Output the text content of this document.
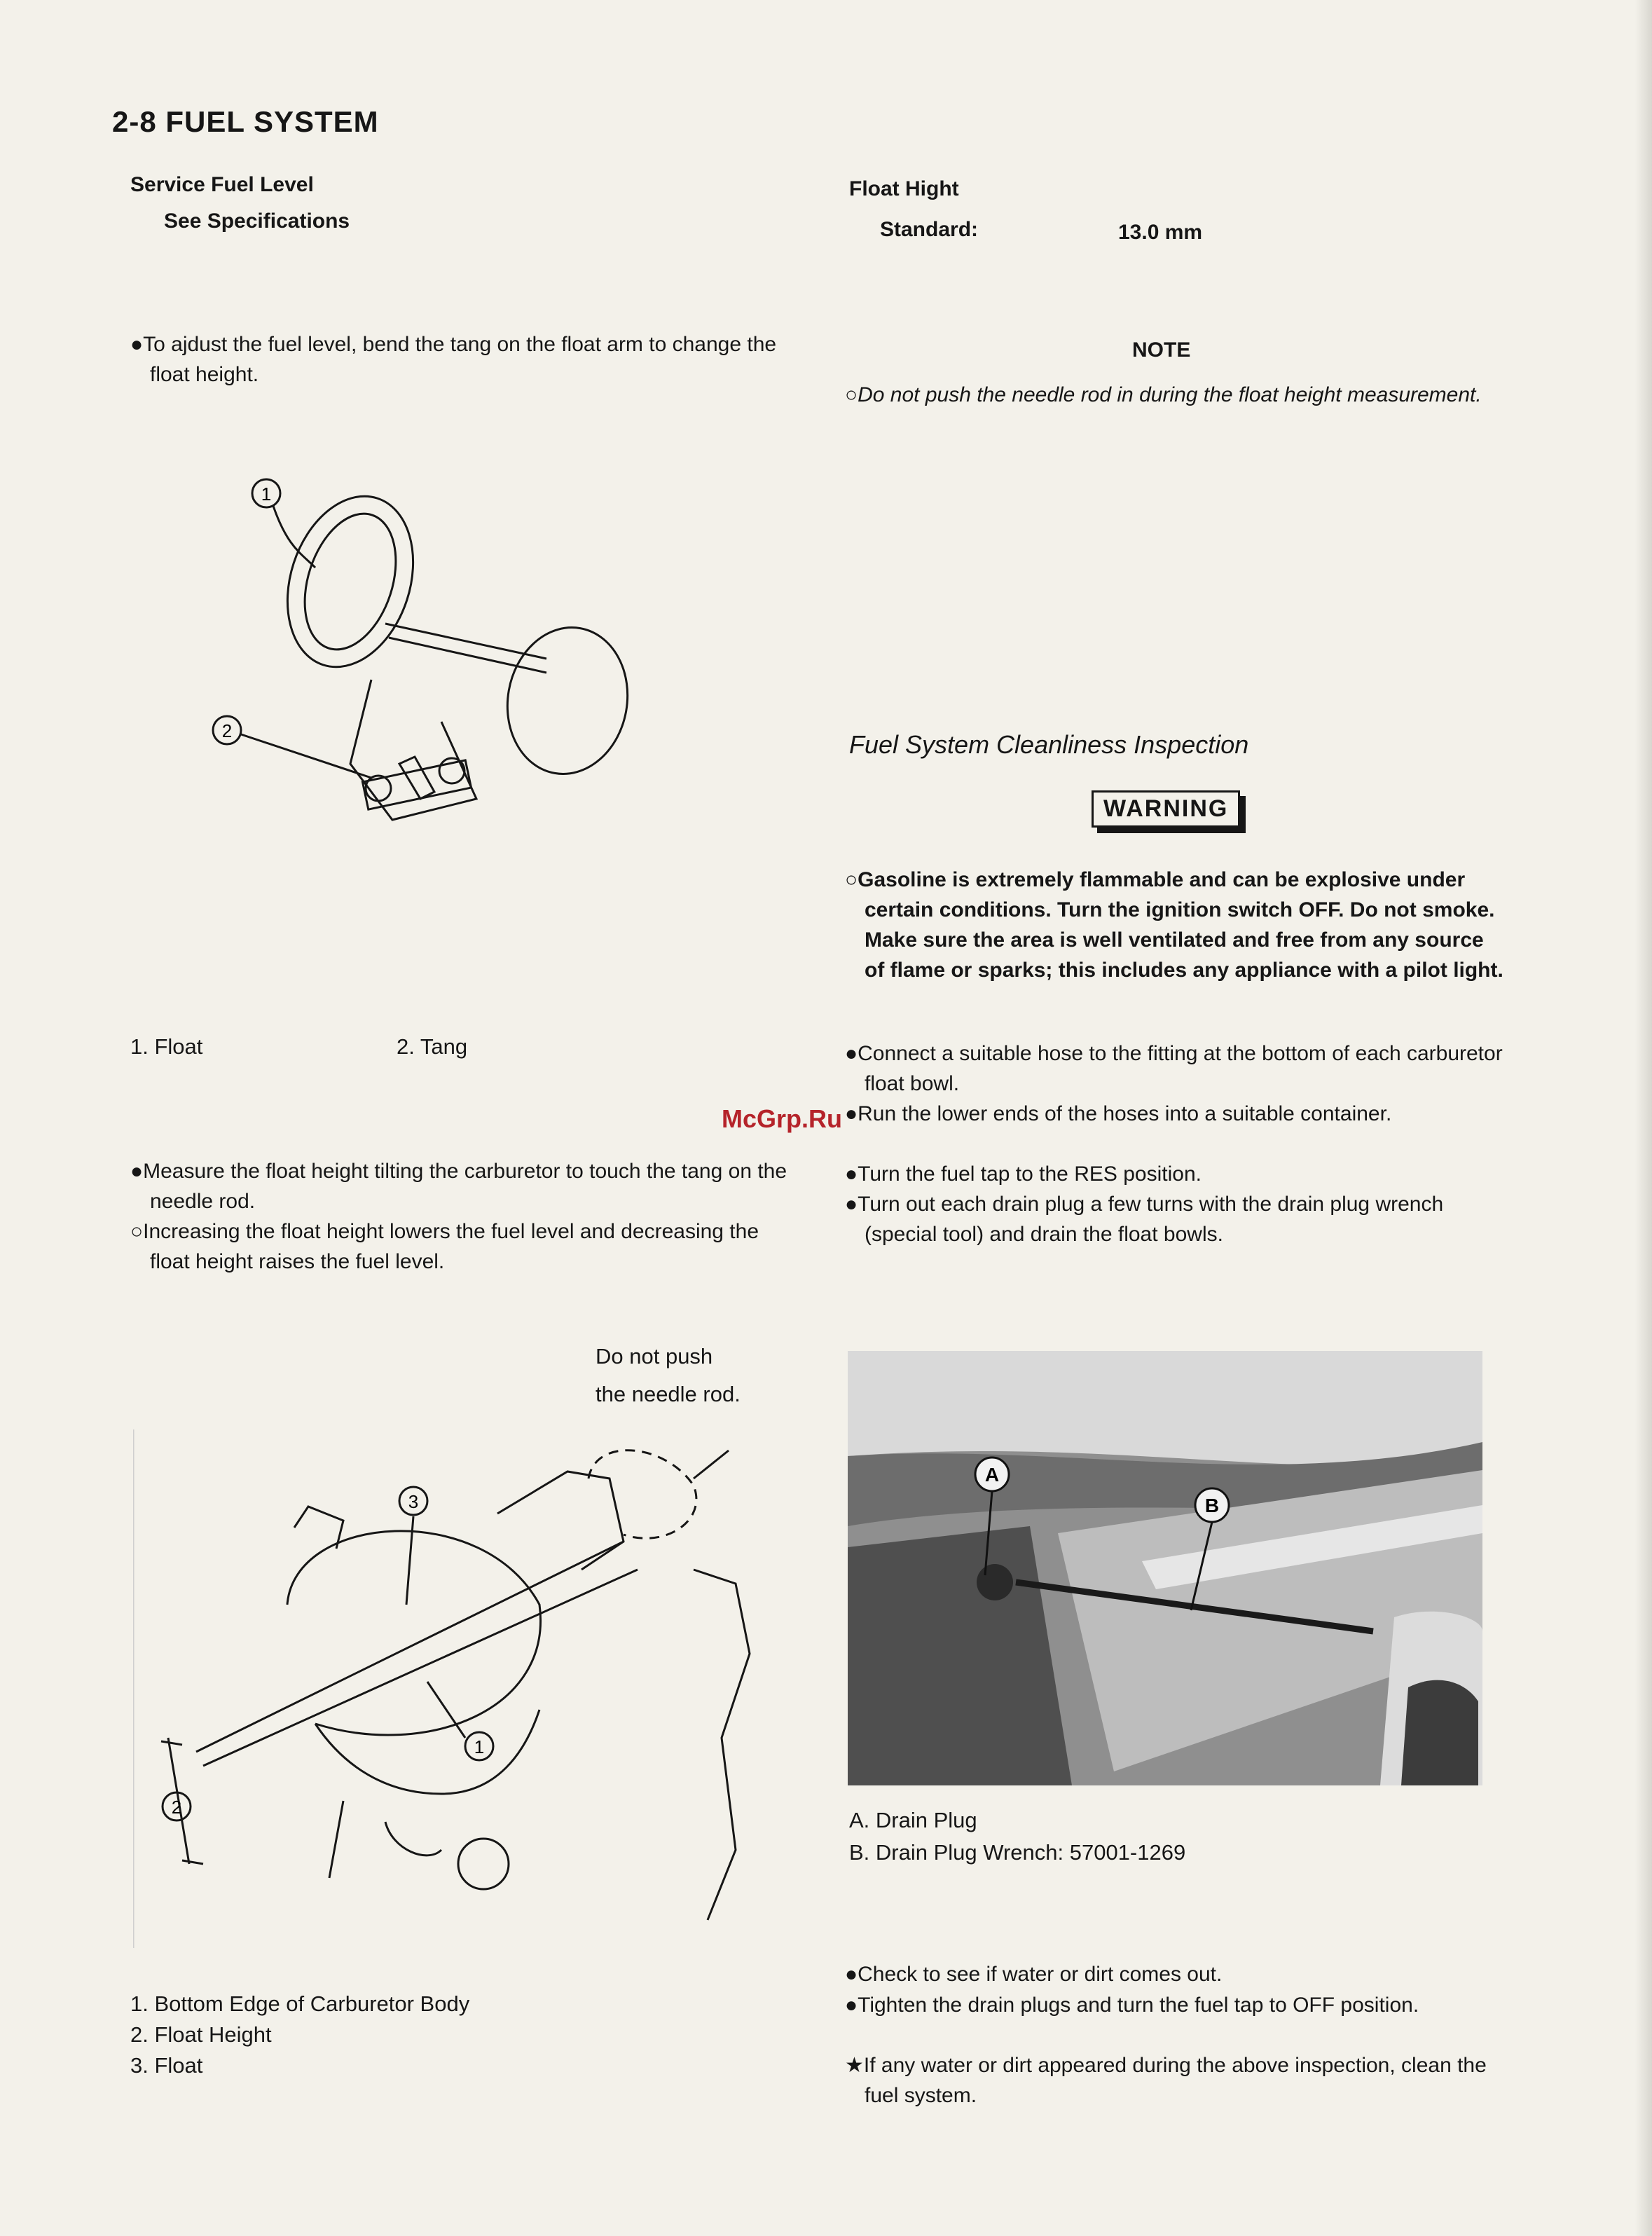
2-8 FUEL SYSTEM
Service Fuel Level
See Specifications
●To ajdust the fuel level, bend the tang on the float arm to change the float height.
1
2
1. Float	2. Tang
●Measure the float height tilting the carburetor to touch the tang on the needle rod.
○Increasing the float height lowers the fuel level and decreasing the float height raises the fuel level.
Do not push
the needle rod.
3
2
1
1. Bottom Edge of Carburetor Body
2. Float Height
3. Float
Float Hight
Standard:	13.0 mm
NOTE
○Do not push the needle rod in during the float height measurement.
Fuel System Cleanliness Inspection
WARNING
○Gasoline is extremely flammable and can be explosive under certain conditions. Turn the ignition switch OFF. Do not smoke. Make sure the area is well ventilated and free from any source of flame or sparks; this includes any appliance with a pilot light.
●Connect a suitable hose to the fitting at the bottom of each carburetor float bowl.
●Run the lower ends of the hoses into a suitable container.
●Turn the fuel tap to the RES position.
●Turn out each drain plug a few turns with the drain plug wrench (special tool) and drain the float bowls.
A
B
A. Drain Plug
B. Drain Plug Wrench: 57001-1269
●Check to see if water or dirt comes out.
●Tighten the drain plugs and turn the fuel tap to OFF position.
★If any water or dirt appeared during the above inspection, clean the fuel system.
McGrp.Ru
